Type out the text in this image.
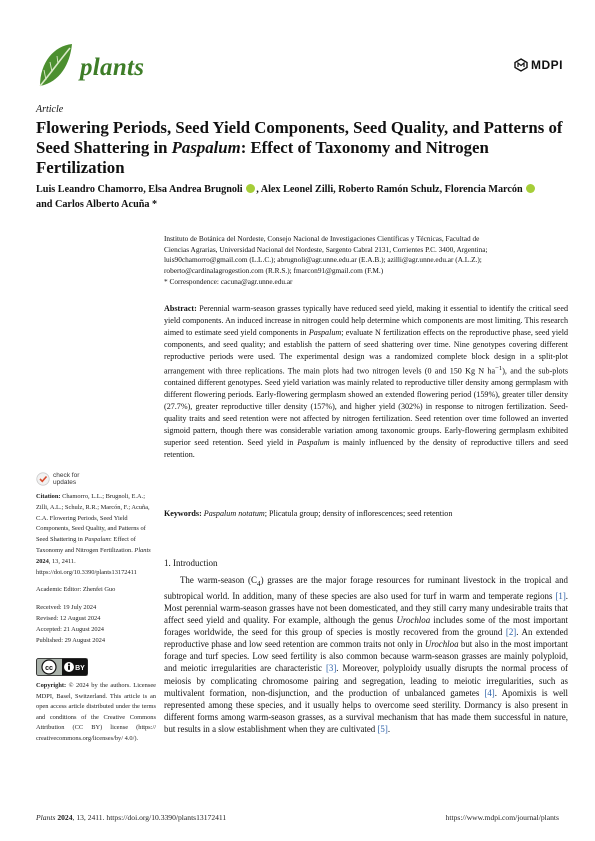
plants	MDPI
Article
Flowering Periods, Seed Yield Components, Seed Quality, and Patterns of Seed Shattering in Paspalum: Effect of Taxonomy and Nitrogen Fertilization
Luis Leandro Chamorro, Elsa Andrea Brugnoli , Alex Leonel Zilli, Roberto Ramón Schulz, Florencia Marcón
and Carlos Alberto Acuña *
Instituto de Botánica del Nordeste, Consejo Nacional de Investigaciones Científicas y Técnicas, Facultad de
Ciencias Agrarias, Universidad Nacional del Nordeste, Sargento Cabral 2131, Corrientes P.C. 3400, Argentina;
luis90chamorro@gmail.com (L.L.C.); abrugnoli@agr.unne.edu.ar (E.A.B.); azilli@agr.unne.edu.ar (A.L.Z.);
roberto@cardinalagrogestion.com (R.R.S.); fmarcon91@gmail.com (F.M.)
* Correspondence: cacuna@agr.unne.edu.ar
Abstract: Perennial warm-season grasses typically have reduced seed yield, making it essential to identify the critical seed yield components. An induced increase in nitrogen could help determine which components are most limiting. This research aimed to estimate seed yield components in Paspalum; evaluate N fertilization effects on the reproductive phase, seed yield components, and seed quality; and establish the pattern of seed shattering over time. Nine genotypes covering different reproductive periods were used. The experimental design was a randomized complete block design in a split-plot arrangement with three replications. The main plots had two nitrogen levels (0 and 150 Kg N $ha^{-1}$), and the sub-plots contained different genotypes. Seed yield variation was mainly related to reproductive tiller density among germplasm with different flowering periods. Early-flowering germplasm showed an extended flowering period (159%), greater tiller density (27.7%), greater reproductive tiller density (157%), and higher yield (302%) in response to nitrogen fertilization. Seed-quality traits and seed retention were not affected by nitrogen fertilization. Seed retention over time followed an inverted sigmoid pattern, though there was considerable variation among taxonomic groups. Early-flowering germplasm exhibited superior seed retention. Seed yield in Paspalum is mainly influenced by the density of reproductive tillers and seed retention.
Keywords: Paspalum notatum; Plicatula group; density of inflorescences; seed retention
1. Introduction
The warm-season $(C_4)$ grasses are the major forage resources for ruminant livestock in the tropical and subtropical world. In addition, many of these species are also used for turf in warm and temperate regions [1]. Most perennial warm-season grasses have not been domesticated, and they still carry many undesirable traits that affect seed yield and quality. For example, although the genus Urochloa includes some of the most important forages worldwide, the seed for this group of species is mostly recovered from the ground [2]. An extended reproductive phase and low seed retention are common traits not only in Urochloa but also in the most important forage and turf species. Low seed fertility is also common because warm-season grasses are mainly polyploid, and meiotic irregularities are characteristic [3]. Moreover, polyploidy usually disrupts the normal process of meiosis by complicating chromosome pairing and segregation, leading to meiotic irregularities, such as multivalent formation, non-disjunction, and the production of unbalanced gametes [4]. Apomixis is well represented among these species, and it usually helps to overcome seed sterility. Dormancy is also present in different forms among warm-season grasses, as a survival mechanism that has made them successful in nature, but results in a slow establishment when they are cultivated [5].
check for
updates
Citation: Chamorro, L.L.; Brugnoli, E.A.; Zilli, A.L.; Schulz, R.R.; Marcón, F.; Acuña, C.A. Flowering Periods, Seed Yield Components, Seed Quality, and Patterns of Seed Shattering in Paspalum: Effect of Taxonomy and Nitrogen Fertilization. Plants 2024, 13, 2411. https://doi.org/10.3390/plants13172411
Academic Editor: Zhenfei Guo
Received: 19 July 2024
Revised: 12 August 2024
Accepted: 21 August 2024
Published: 29 August 2024
cc	BY
Copyright: © 2024 by the authors. Licensee MDPI, Basel, Switzerland. This article is an open access article distributed under the terms and conditions of the Creative Commons Attribution (CC BY) license (https:// creativecommons.org/licenses/by/ 4.0/).
Plants 2024, 13, 2411. https://doi.org/10.3390/plants13172411	https://www.mdpi.com/journal/plants
